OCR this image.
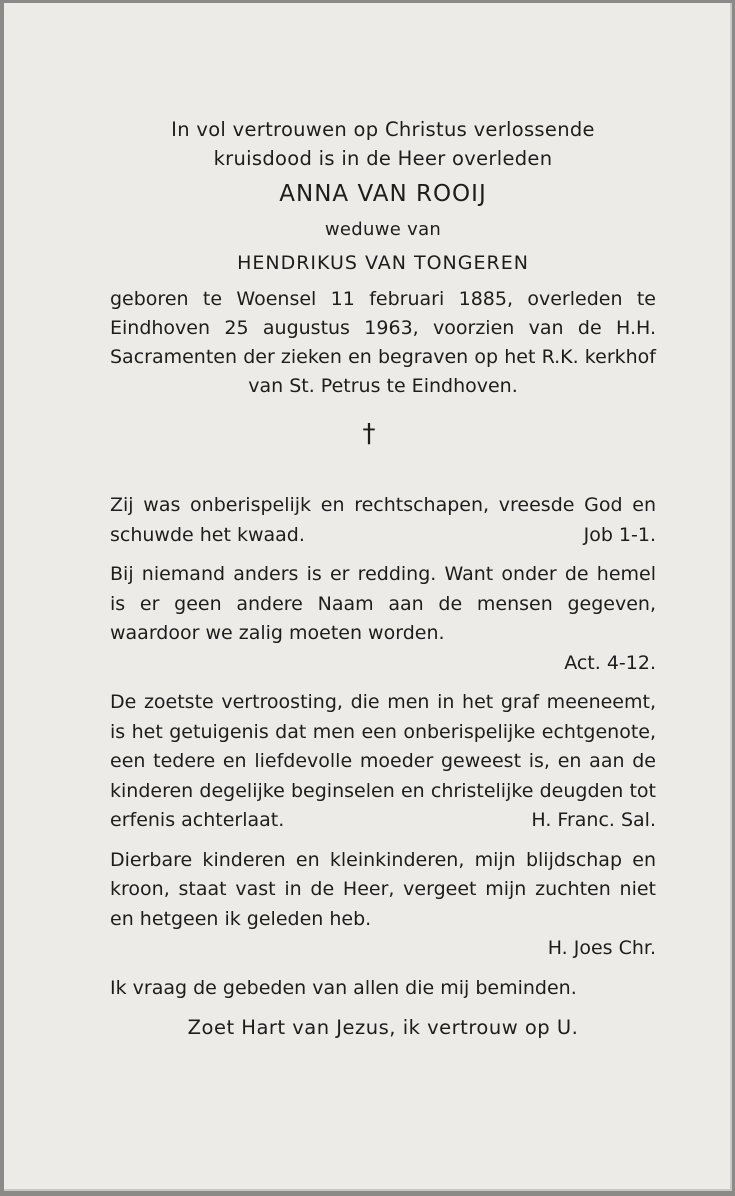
In vol vertrouwen op Christus verlossende
kruisdood is in de Heer overleden
ANNA VAN ROOIJ
weduwe van
HENDRIKUS VAN TONGEREN
geboren te Woensel 11 februari 1885, overleden te Eindhoven 25 augustus 1963, voorzien van de H.H. Sacramenten der zieken en begraven op het R.K. kerkhof van St. Petrus te Eindhoven.
†
Zij was onberispelijk en rechtschapen, vreesde God en schuwde het kwaad.	Job 1-1.
Bij niemand anders is er redding. Want onder de hemel is er geen andere Naam aan de mensen gegeven, waardoor we zalig moeten worden.
Act. 4-12.
De zoetste vertroosting, die men in het graf meeneemt, is het getuigenis dat men een onberispelijke echtgenote, een tedere en liefdevolle moeder geweest is, en aan de kinderen degelijke beginselen en christelijke deugden tot erfenis achterlaat.	H. Franc. Sal.
Dierbare kinderen en kleinkinderen, mijn blijdschap en kroon, staat vast in de Heer, vergeet mijn zuchten niet en hetgeen ik geleden heb.
H. Joes Chr.
Ik vraag de gebeden van allen die mij beminden.
Zoet Hart van Jezus, ik vertrouw op U.
